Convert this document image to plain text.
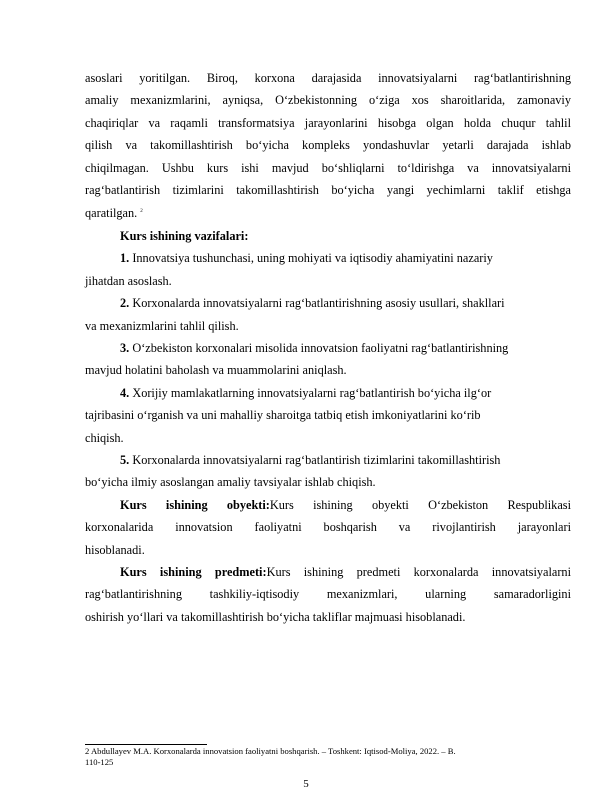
asoslari yoritilgan. Biroq, korxona darajasida innovatsiyalarni rag‘batlantirishning

amaliy mexanizmlarini, ayniqsa, O‘zbekistonning o‘ziga xos sharoitlarida, zamonaviy

chaqiriqlar va raqamli transformatsiya jarayonlarini hisobga olgan holda chuqur tahlil

qilish va takomillashtirish bo‘yicha kompleks yondashuvlar yetarli darajada ishlab

chiqilmagan. Ushbu kurs ishi mavjud bo‘shliqlarni to‘ldirishga va innovatsiyalarni

rag‘batlantirish tizimlarini takomillashtirish bo‘yicha yangi yechimlarni taklif etishga

qaratilgan. $^2$

Kurs ishining vazifalari:

1. Innovatsiya tushunchasi, uning mohiyati va iqtisodiy ahamiyatini nazariy

jihatdan asoslash.

2. Korxonalarda innovatsiyalarni rag‘batlantirishning asosiy usullari, shakllari

va mexanizmlarini tahlil qilish.

3. O‘zbekiston korxonalari misolida innovatsion faoliyatni rag‘batlantirishning

mavjud holatini baholash va muammolarini aniqlash.

4. Xorijiy mamlakatlarning innovatsiyalarni rag‘batlantirish bo‘yicha ilg‘or

tajribasini o‘rganish va uni mahalliy sharoitga tatbiq etish imkoniyatlarini ko‘rib

chiqish.

5. Korxonalarda innovatsiyalarni rag‘batlantirish tizimlarini takomillashtirish

bo‘yicha ilmiy asoslangan amaliy tavsiyalar ishlab chiqish.

Kurs ishining obyekti:Kurs ishining obyekti O‘zbekiston Respublikasi

korxonalarida innovatsion faoliyatni boshqarish va rivojlantirish jarayonlari

hisoblanadi.

Kurs ishining predmeti:Kurs ishining predmeti korxonalarda innovatsiyalarni

rag‘batlantirishning tashkiliy-iqtisodiy mexanizmlari, ularning samaradorligini

oshirish yo‘llari va takomillashtirish bo‘yicha takliflar majmuasi hisoblanadi.

2 Abdullayev M.A. Korxonalarda innovatsion faoliyatni boshqarish. – Toshkent: Iqtisod-Moliya, 2022. – B.
110-125
5
